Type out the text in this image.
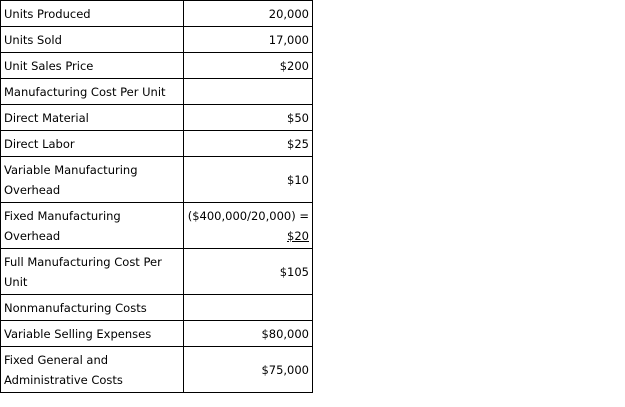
Units Produced	20,000
Units Sold	17,000
Unit Sales Price	$200
Manufacturing Cost Per Unit	
Direct Material	$50
Direct Labor	$25
Variable Manufacturing Overhead	$10
Fixed Manufacturing Overhead	($400,000/20,000) =
$20

Full Manufacturing Cost Per Unit	$105
Nonmanufacturing Costs	
Variable Selling Expenses	$80,000
Fixed General and Administrative Costs	$75,000
